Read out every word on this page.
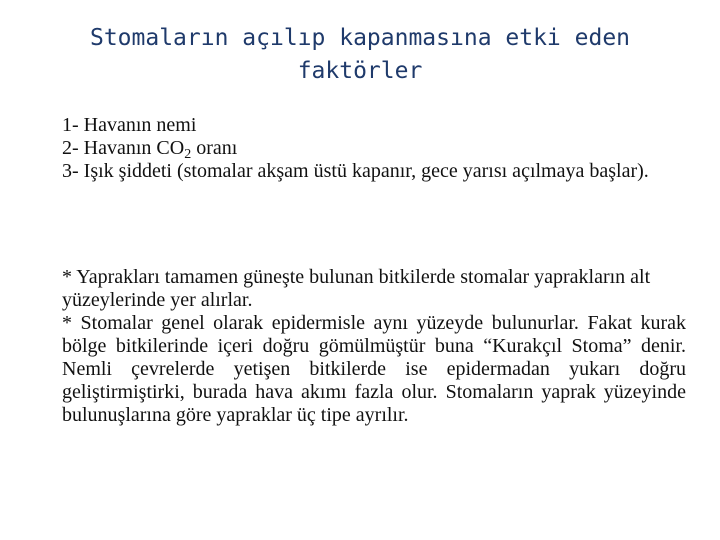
Stomaların açılıp kapanmasına etki eden faktörler
1- Havanın nemi
2- Havanın $CO_2$ oranı
3- Işık şiddeti (stomalar akşam üstü kapanır, gece yarısı açılmaya başlar).

* Yaprakları tamamen güneşte bulunan bitkilerde stomalar yaprakların alt yüzeylerinde yer alırlar.

* Stomalar genel olarak epidermisle aynı yüzeyde bulunurlar. Fakat kurak bölge bitkilerinde içeri doğru gömülmüştür buna “Kurakçıl Stoma” denir. Nemli çevrelerde yetişen bitkilerde ise epidermadan yukarı doğru geliştirmiştirki, burada hava akımı fazla olur. Stomaların yaprak yüzeyinde bulunuşlarına göre yapraklar üç tipe ayrılır.
